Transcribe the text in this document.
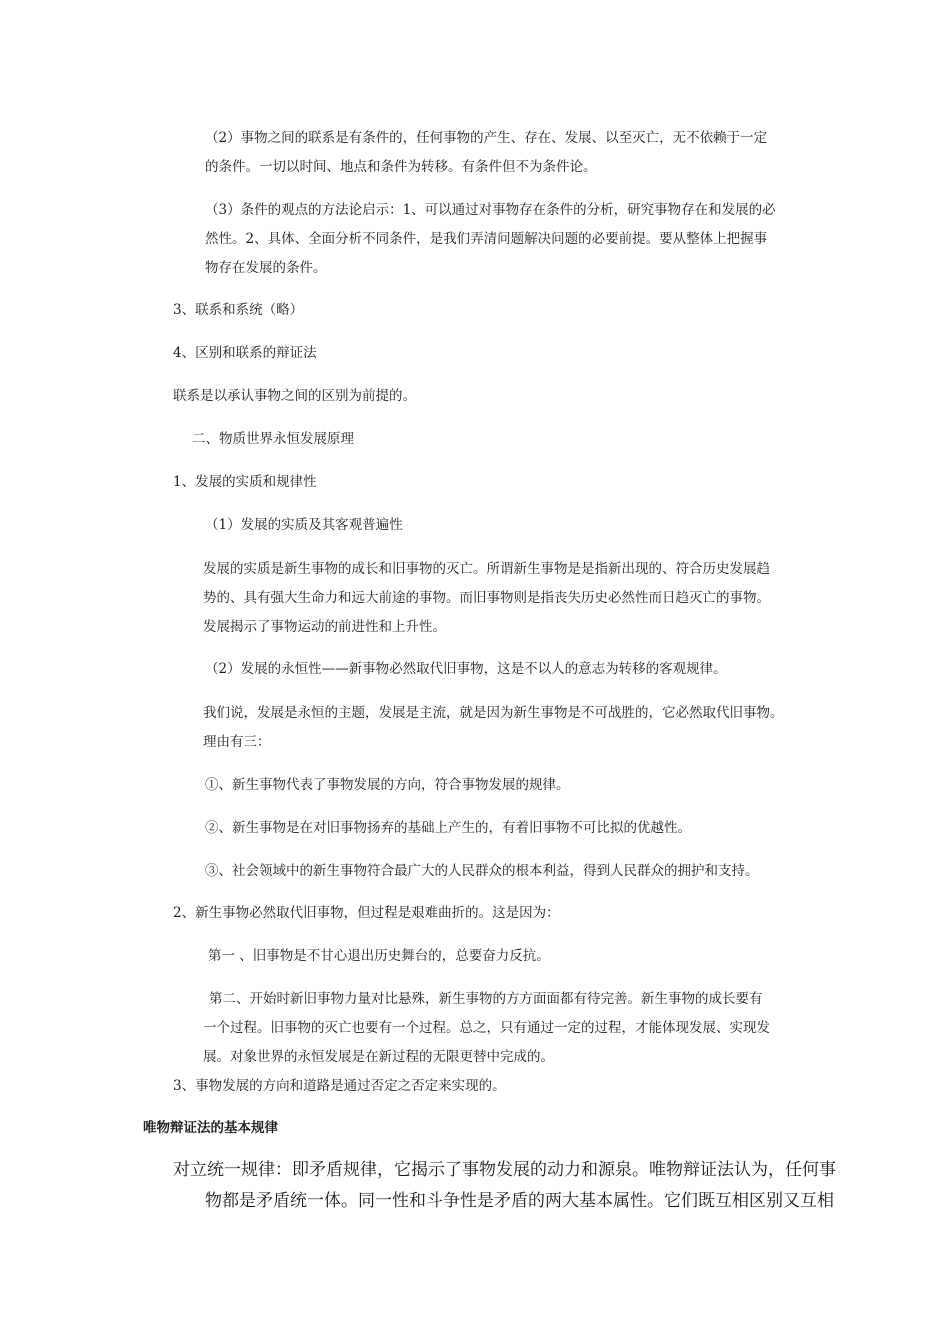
（2）事物之间的联系是有条件的，任何事物的产生、存在、发展、以至灭亡，无不依赖于一定
的条件。一切以时间、地点和条件为转移。有条件但不为条件论。
（3）条件的观点的方法论启示：1、可以通过对事物存在条件的分析，研究事物存在和发展的必
然性。2、具体、全面分析不同条件，是我们弄清问题解决问题的必要前提。要从整体上把握事
物存在发展的条件。
3、联系和系统（略）
4、区别和联系的辩证法
联系是以承认事物之间的区别为前提的。
二、物质世界永恒发展原理
1、发展的实质和规律性
（1）发展的实质及其客观普遍性
发展的实质是新生事物的成长和旧事物的灭亡。所谓新生事物是是指新出现的、符合历史发展趋
势的、具有强大生命力和远大前途的事物。而旧事物则是指丧失历史必然性而日趋灭亡的事物。
发展揭示了事物运动的前进性和上升性。
（2）发展的永恒性——新事物必然取代旧事物，这是不以人的意志为转移的客观规律。
我们说，发展是永恒的主题，发展是主流，就是因为新生事物是不可战胜的，它必然取代旧事物。
理由有三：
①、新生事物代表了事物发展的方向，符合事物发展的规律。
②、新生事物是在对旧事物扬弃的基础上产生的，有着旧事物不可比拟的优越性。
③、社会领域中的新生事物符合最广大的人民群众的根本利益，得到人民群众的拥护和支持。
2、新生事物必然取代旧事物，但过程是艰难曲折的。这是因为：
第一 、旧事物是不甘心退出历史舞台的，总要奋力反抗。
第二、开始时新旧事物力量对比悬殊，新生事物的方方面面都有待完善。新生事物的成长要有
一个过程。旧事物的灭亡也要有一个过程。总之，只有通过一定的过程，才能体现发展、实现发
展。对象世界的永恒发展是在新过程的无限更替中完成的。
3、事物发展的方向和道路是通过否定之否定来实现的。
唯物辩证法的基本规律
对立统一规律：即矛盾规律，它揭示了事物发展的动力和源泉。唯物辩证法认为，任何事
物都是矛盾统一体。同一性和斗争性是矛盾的两大基本属性。它们既互相区别又互相
